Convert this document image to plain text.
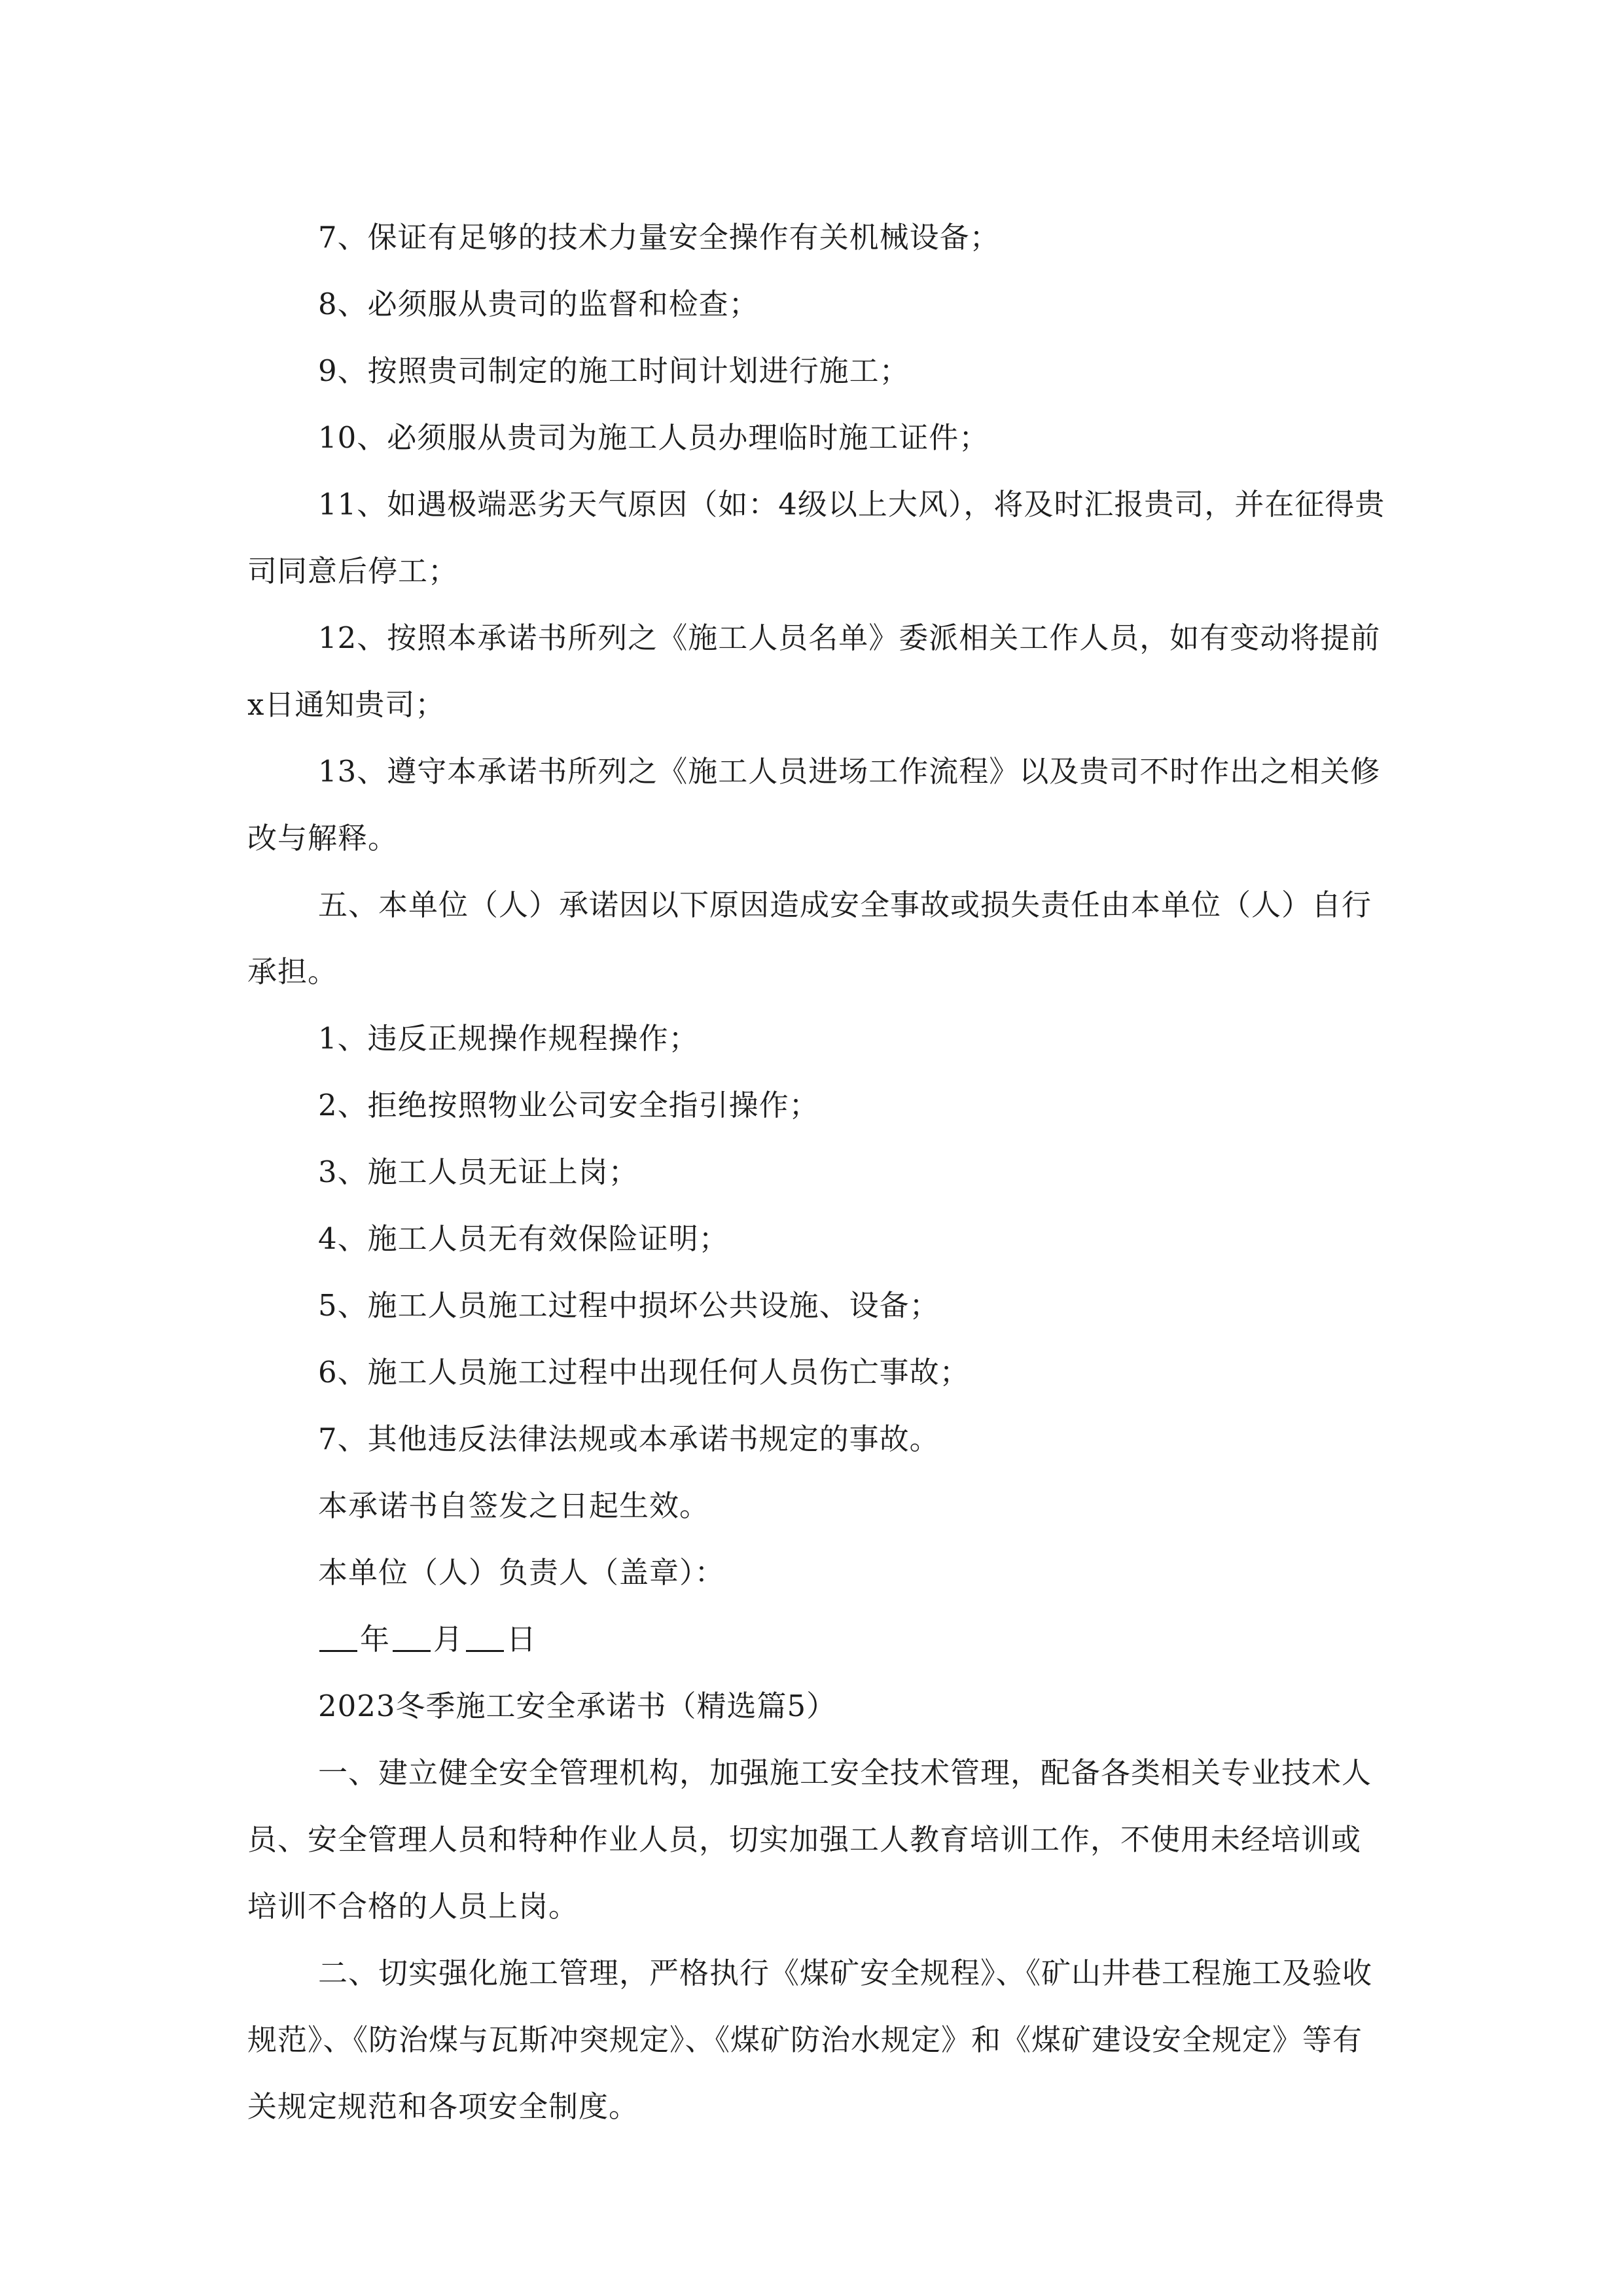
7、保证有足够的技术力量安全操作有关机械设备；

8、必须服从贵司的监督和检查；

9、按照贵司制定的施工时间计划进行施工；

10、必须服从贵司为施工人员办理临时施工证件；

11、如遇极端恶劣天气原因（如：4级以上大风），将及时汇报贵司，并在征得贵司同意后停工；

12、按照本承诺书所列之《施工人员名单》委派相关工作人员，如有变动将提前x日通知贵司；

13、遵守本承诺书所列之《施工人员进场工作流程》以及贵司不时作出之相关修改与解释。

五、本单位（人）承诺因以下原因造成安全事故或损失责任由本单位（人）自行承担。

1、违反正规操作规程操作；

2、拒绝按照物业公司安全指引操作；

3、施工人员无证上岗；

4、施工人员无有效保险证明；

5、施工人员施工过程中损坏公共设施、设备；

6、施工人员施工过程中出现任何人员伤亡事故；

7、其他违反法律法规或本承诺书规定的事故。

本承诺书自签发之日起生效。

本单位（人）负责人（盖章）：

年 月 日

2023冬季施工安全承诺书（精选篇5）

一、建立健全安全管理机构，加强施工安全技术管理，配备各类相关专业技术人员、安全管理人员和特种作业人员，切实加强工人教育培训工作，不使用未经培训或培训不合格的人员上岗。

二、切实强化施工管理，严格执行《煤矿安全规程》、《矿山井巷工程施工及验收规范》、《防治煤与瓦斯冲突规定》、《煤矿防治水规定》和《煤矿建设安全规定》等有关规定规范和各项安全制度。
